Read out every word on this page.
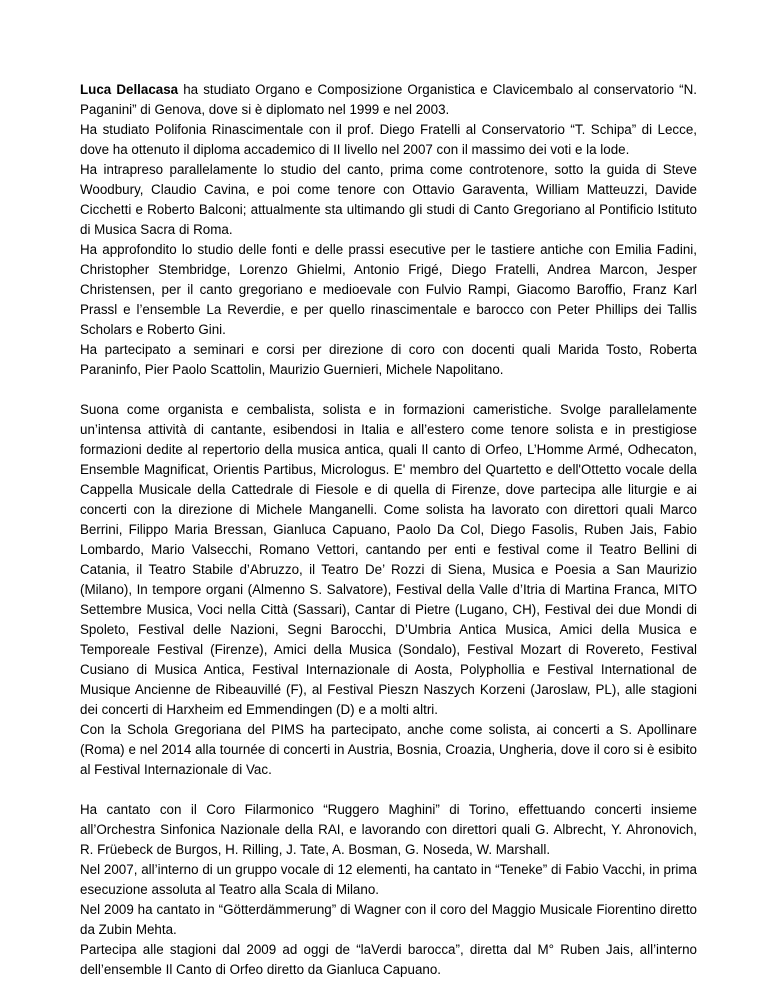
Luca Dellacasa ha studiato Organo e Composizione Organistica e Clavicembalo al conservatorio “N. Paganini” di Genova, dove si è diplomato nel 1999 e nel 2003.

Ha studiato Polifonia Rinascimentale con il prof. Diego Fratelli al Conservatorio “T. Schipa” di Lecce, dove ha ottenuto il diploma accademico di II livello nel 2007 con il massimo dei voti e la lode.

Ha intrapreso parallelamente lo studio del canto, prima come controtenore, sotto la guida di Steve Woodbury, Claudio Cavina, e poi come tenore con Ottavio Garaventa, William Matteuzzi, Davide Cicchetti e Roberto Balconi; attualmente sta ultimando gli studi di Canto Gregoriano al Pontificio Istituto di Musica Sacra di Roma.

Ha approfondito lo studio delle fonti e delle prassi esecutive per le tastiere antiche con Emilia Fadini, Christopher Stembridge, Lorenzo Ghielmi, Antonio Frigé, Diego Fratelli, Andrea Marcon, Jesper Christensen, per il canto gregoriano e medioevale con Fulvio Rampi, Giacomo Baroffio, Franz Karl Prassl e l’ensemble La Reverdie, e per quello rinascimentale e barocco con Peter Phillips dei Tallis Scholars e Roberto Gini.

Ha partecipato a seminari e corsi per direzione di coro con docenti quali Marida Tosto, Roberta Paraninfo, Pier Paolo Scattolin, Maurizio Guernieri, Michele Napolitano.

Suona come organista e cembalista, solista e in formazioni cameristiche. Svolge parallelamente un’intensa attività di cantante, esibendosi in Italia e all’estero come tenore solista e in prestigiose formazioni dedite al repertorio della musica antica, quali Il canto di Orfeo, L’Homme Armé, Odhecaton, Ensemble Magnificat, Orientis Partibus, Micrologus. E' membro del Quartetto e dell'Ottetto vocale della Cappella Musicale della Cattedrale di Fiesole e di quella di Firenze, dove partecipa alle liturgie e ai concerti con la direzione di Michele Manganelli. Come solista ha lavorato con direttori quali Marco Berrini, Filippo Maria Bressan, Gianluca Capuano, Paolo Da Col, Diego Fasolis, Ruben Jais, Fabio Lombardo, Mario Valsecchi, Romano Vettori, cantando per enti e festival come il Teatro Bellini di Catania, il Teatro Stabile d’Abruzzo, il Teatro De’ Rozzi di Siena, Musica e Poesia a San Maurizio (Milano), In tempore organi (Almenno S. Salvatore), Festival della Valle d’Itria di Martina Franca, MITO Settembre Musica, Voci nella Città (Sassari), Cantar di Pietre (Lugano, CH), Festival dei due Mondi di Spoleto, Festival delle Nazioni, Segni Barocchi, D’Umbria Antica Musica, Amici della Musica e Temporeale Festival (Firenze), Amici della Musica (Sondalo), Festival Mozart di Rovereto, Festival Cusiano di Musica Antica, Festival Internazionale di Aosta, Polyphollia e Festival International de Musique Ancienne de Ribeauvillé (F), al Festival Pieszn Naszych Korzeni (Jaroslaw, PL), alle stagioni dei concerti di Harxheim ed Emmendingen (D) e a molti altri.

Con la Schola Gregoriana del PIMS ha partecipato, anche come solista, ai concerti a S. Apollinare (Roma) e nel 2014 alla tournée di concerti in Austria, Bosnia, Croazia, Ungheria, dove il coro si è esibito al Festival Internazionale di Vac.

Ha cantato con il Coro Filarmonico “Ruggero Maghini” di Torino, effettuando concerti insieme all’Orchestra Sinfonica Nazionale della RAI, e lavorando con direttori quali G. Albrecht, Y. Ahronovich, R. Früebeck de Burgos, H. Rilling, J. Tate, A. Bosman, G. Noseda, W. Marshall.

Nel 2007, all’interno di un gruppo vocale di 12 elementi, ha cantato in “Teneke” di Fabio Vacchi, in prima esecuzione assoluta al Teatro alla Scala di Milano.

Nel 2009 ha cantato in “Götterdämmerung” di Wagner con il coro del Maggio Musicale Fiorentino diretto da Zubin Mehta.

Partecipa alle stagioni dal 2009 ad oggi de “laVerdi barocca”, diretta dal M° Ruben Jais, all’interno dell’ensemble Il Canto di Orfeo diretto da Gianluca Capuano.
